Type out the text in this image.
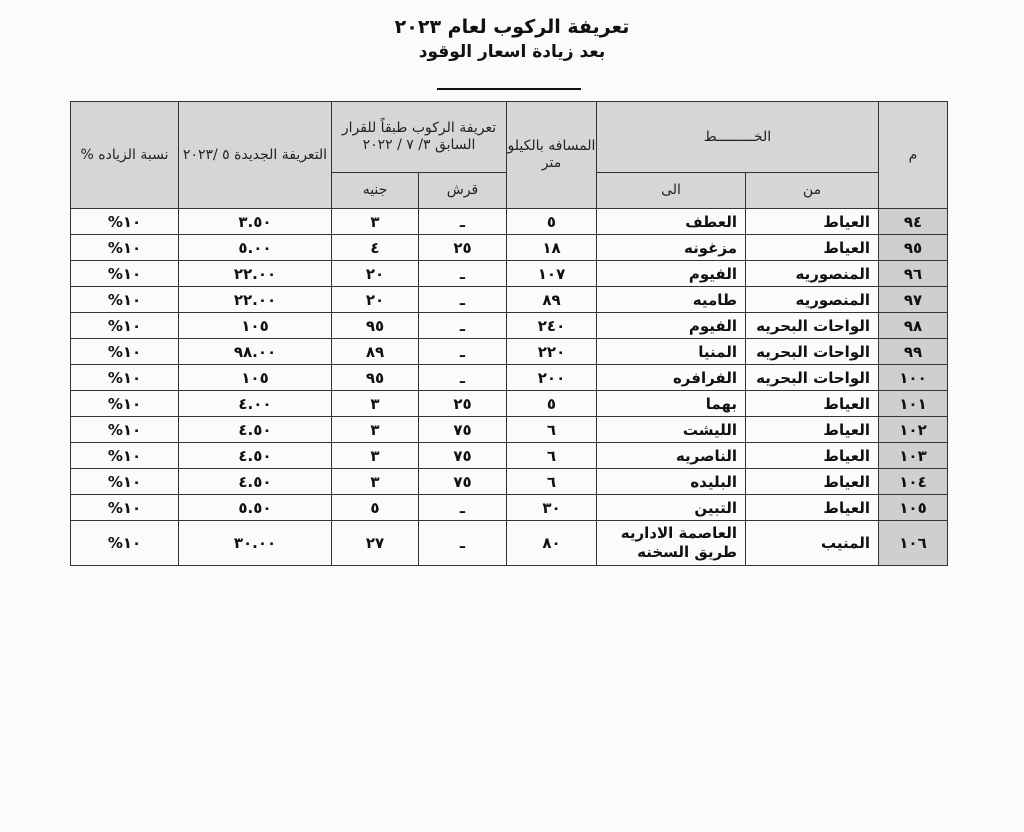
تعريفة الركوب لعام ٢٠٢٣
بعد زيادة اسعار الوقود
م	الخـــــــــط		المسافه بالكيلو متر	تعريفة الركوب طبقاً للقرار السابق ٣/ ٧ / ٢٠٢٢		التعريفة الجديدة ٥ /٢٠٢٣	نسبة الزياده %
	من	الى		قرش	جنيه		
٩٤	العياط	العطف	٥	ـ	٣	٣.٥٠	١٠%
٩٥	العياط	مزغونه	١٨	٢٥	٤	٥.٠٠	١٠%
٩٦	المنصوريه	الفيوم	١٠٧	ـ	٢٠	٢٢.٠٠	١٠%
٩٧	المنصوريه	طاميه	٨٩	ـ	٢٠	٢٢.٠٠	١٠%
٩٨	الواحات البحريه	الفيوم	٢٤٠	ـ	٩٥	١٠٥	١٠%
٩٩	الواحات البحريه	المنيا	٢٢٠	ـ	٨٩	٩٨.٠٠	١٠%
١٠٠	الواحات البحريه	الفرافره	٢٠٠	ـ	٩٥	١٠٥	١٠%
١٠١	العياط	بهما	٥	٢٥	٣	٤.٠٠	١٠%
١٠٢	العياط	الليشت	٦	٧٥	٣	٤.٥٠	١٠%
١٠٣	العياط	الناصريه	٦	٧٥	٣	٤.٥٠	١٠%
١٠٤	العياط	البليده	٦	٧٥	٣	٤.٥٠	١٠%
١٠٥	العياط	التبين	٣٠	ـ	٥	٥.٥٠	١٠%
١٠٦	المنيب	العاصمة الاداريه طريق السخنه	٨٠	ـ	٢٧	٣٠.٠٠	١٠%
